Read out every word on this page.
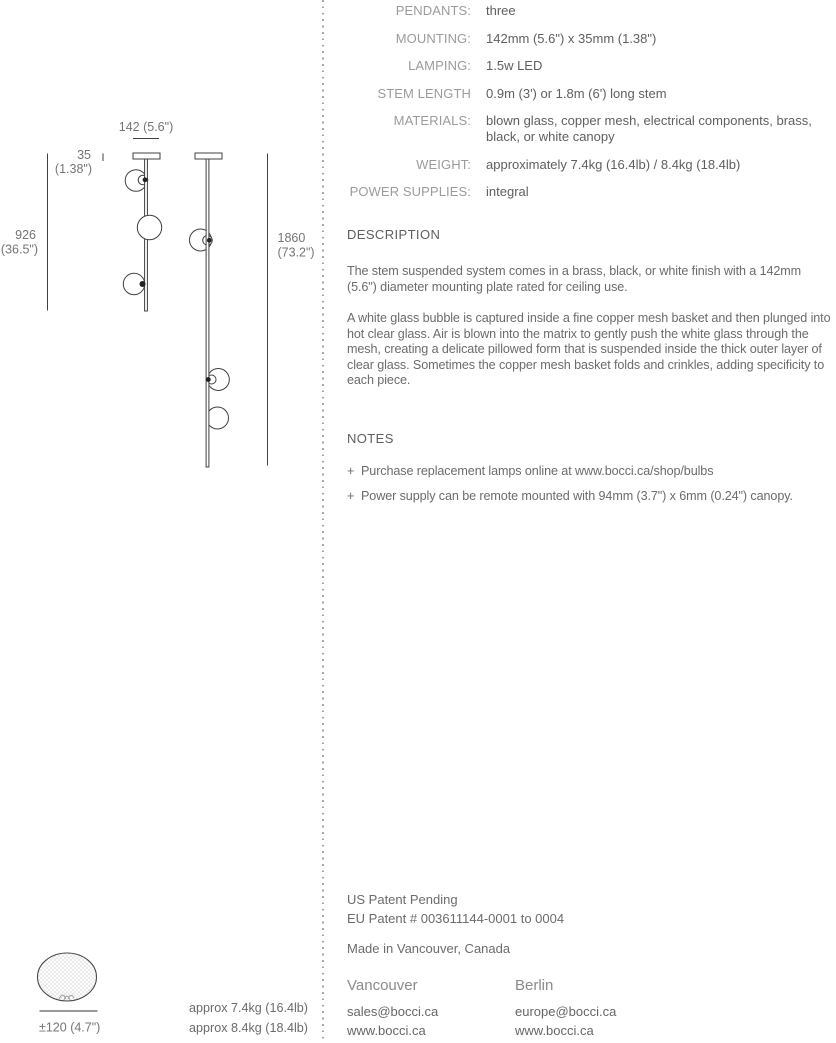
142 (5.6")
35
(1.38")
926
(36.5")
1860
(73.2")
±120 (4.7")
approx 7.4kg (16.4lb)
approx 8.4kg (18.4lb)
PENDANTS:	three
MOUNTING:	142mm (5.6") x 35mm (1.38")
LAMPING:	1.5w LED
STEM LENGTH	0.9m (3') or 1.8m (6') long stem
MATERIALS:	blown glass, copper mesh, electrical components, brass, black, or white canopy
WEIGHT:	approximately 7.4kg (16.4lb) / 8.4kg (18.4lb)
POWER SUPPLIES:	integral
DESCRIPTION

The stem suspended system comes in a brass, black, or white finish with a 142mm (5.6") diameter mounting plate rated for ceiling use.

A white glass bubble is captured inside a fine copper mesh basket and then plunged into hot clear glass. Air is blown into the matrix to gently push the white glass through the mesh, creating a delicate pillowed form that is suspended inside the thick outer layer of clear glass. Sometimes the copper mesh basket folds and crinkles, adding specificity to each piece.

NOTES
+ Purchase replacement lamps online at www.bocci.ca/shop/bulbs
+ Power supply can be remote mounted with 94mm (3.7") x 6mm (0.24") canopy.
US Patent Pending
EU Patent # 003611144-0001 to 0004
Made in Vancouver, Canada
Vancouver
sales@bocci.ca
www.bocci.ca
Berlin
europe@bocci.ca
www.bocci.ca
